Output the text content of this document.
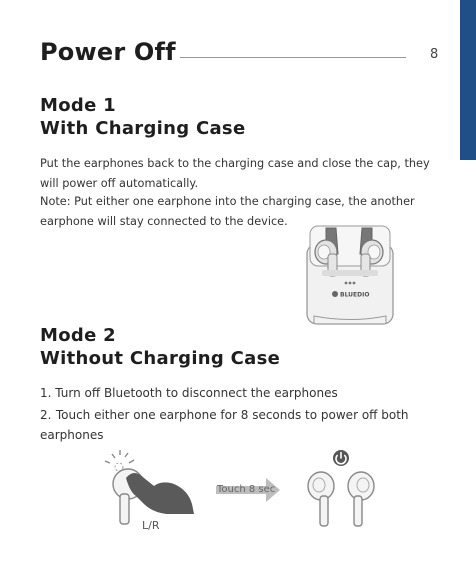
Power Off	8
Mode 1
With Charging Case

Put the earphones back to the charging case and close the cap, they
will power off automatically.

Note: Put either one earphone into the charging case, the another
earphone will stay connected to the device.

BLUEDIO
Mode 2
Without Charging Case

1. Turn off Bluetooth to disconnect the earphones

2. Touch either one earphone for 8 seconds to power off both
earphones

Touch 8 sec
L/R
